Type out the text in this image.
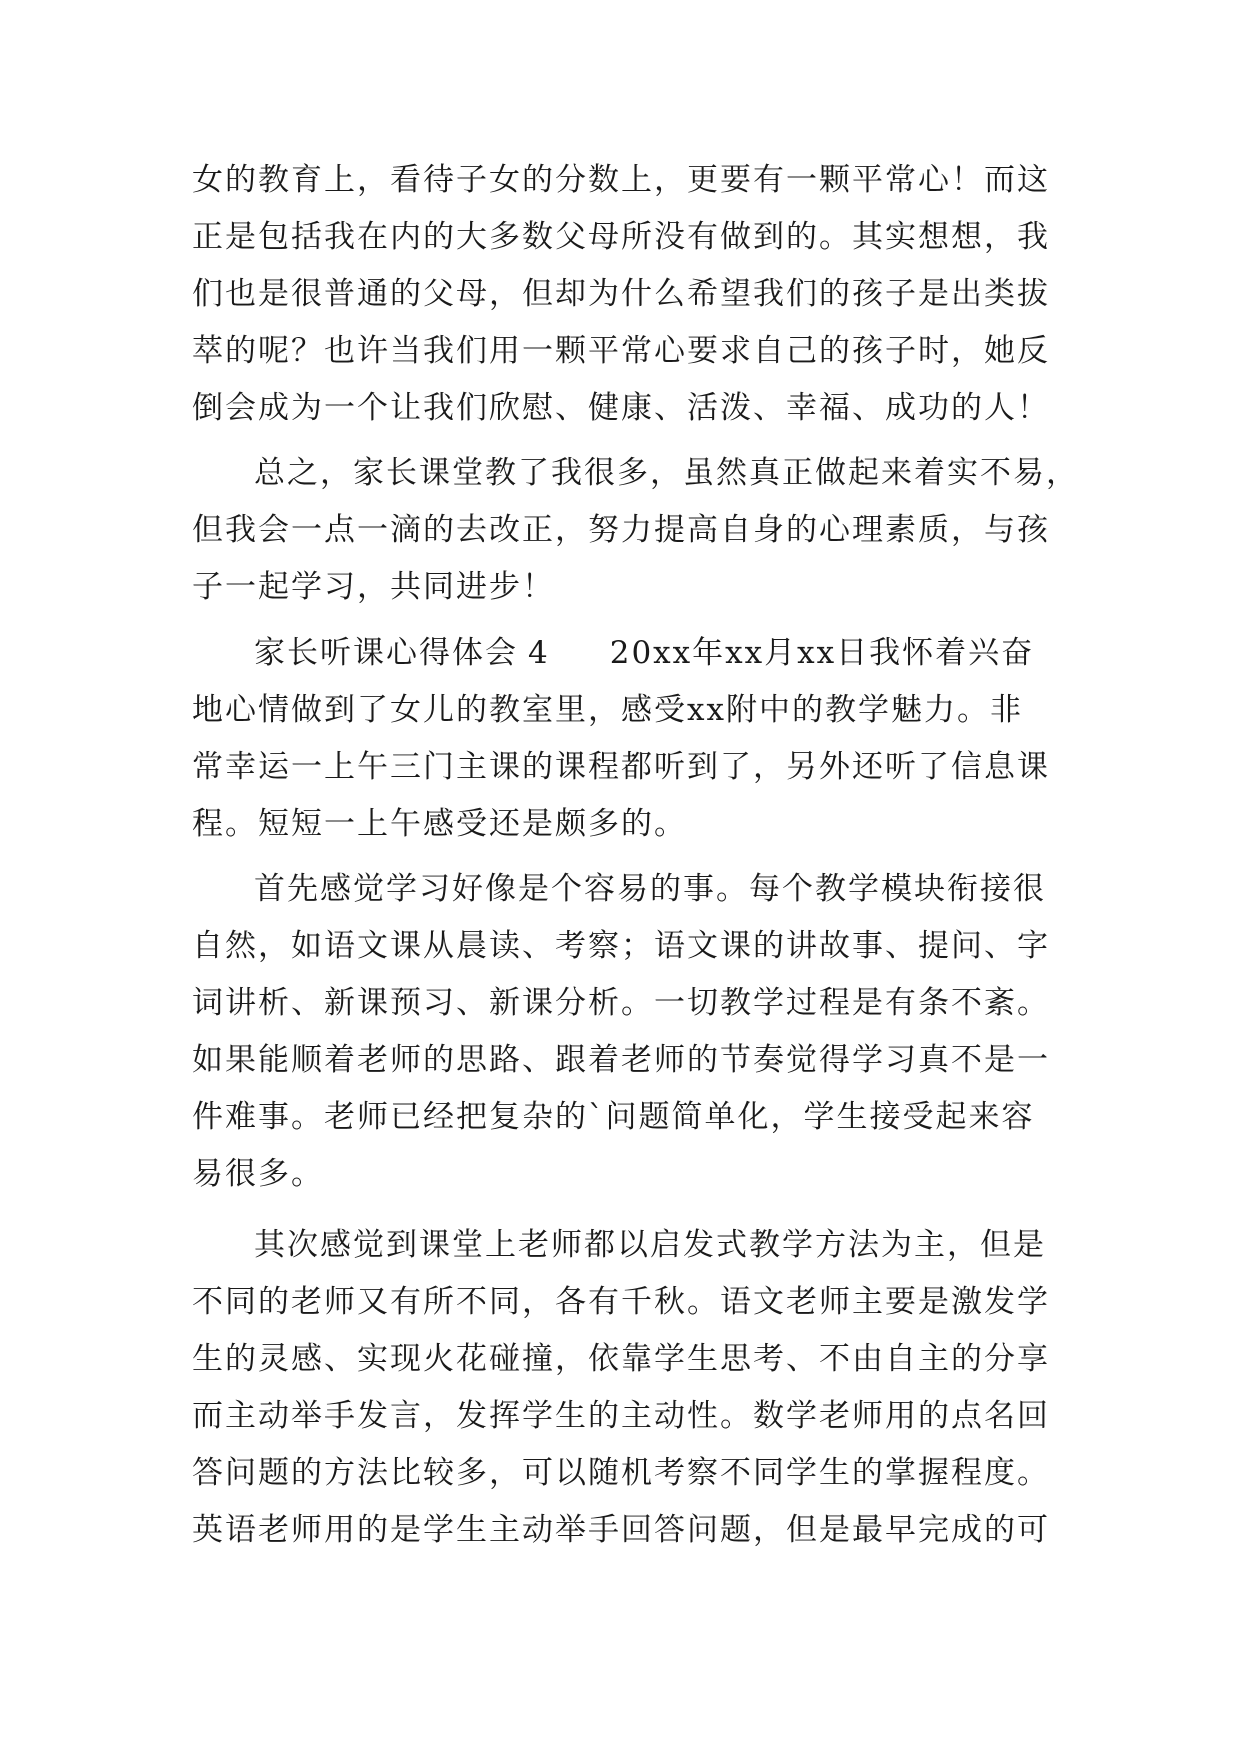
女的教育上，看待子女的分数上，更要有一颗平常心！而这
正是包括我在内的大多数父母所没有做到的。其实想想，我
们也是很普通的父母，但却为什么希望我们的孩子是出类拔
萃的呢？也许当我们用一颗平常心要求自己的孩子时，她反
倒会成为一个让我们欣慰、健康、活泼、幸福、成功的人！

总之，家长课堂教了我很多，虽然真正做起来着实不易，
但我会一点一滴的去改正，努力提高自身的心理素质，与孩
子一起学习，共同进步！

家长听课心得体会 4 20xx年xx月xx日我怀着兴奋
地心情做到了女儿的教室里，感受xx附中的教学魅力。非
常幸运一上午三门主课的课程都听到了，另外还听了信息课
程。短短一上午感受还是颇多的。

首先感觉学习好像是个容易的事。每个教学模块衔接很
自然，如语文课从晨读、考察；语文课的讲故事、提问、字
词讲析、新课预习、新课分析。一切教学过程是有条不紊。
如果能顺着老师的思路、跟着老师的节奏觉得学习真不是一
件难事。老师已经把复杂的`问题简单化，学生接受起来容
易很多。

其次感觉到课堂上老师都以启发式教学方法为主，但是
不同的老师又有所不同，各有千秋。语文老师主要是激发学
生的灵感、实现火花碰撞，依靠学生思考、不由自主的分享
而主动举手发言，发挥学生的主动性。数学老师用的点名回
答问题的方法比较多，可以随机考察不同学生的掌握程度。
英语老师用的是学生主动举手回答问题，但是最早完成的可
